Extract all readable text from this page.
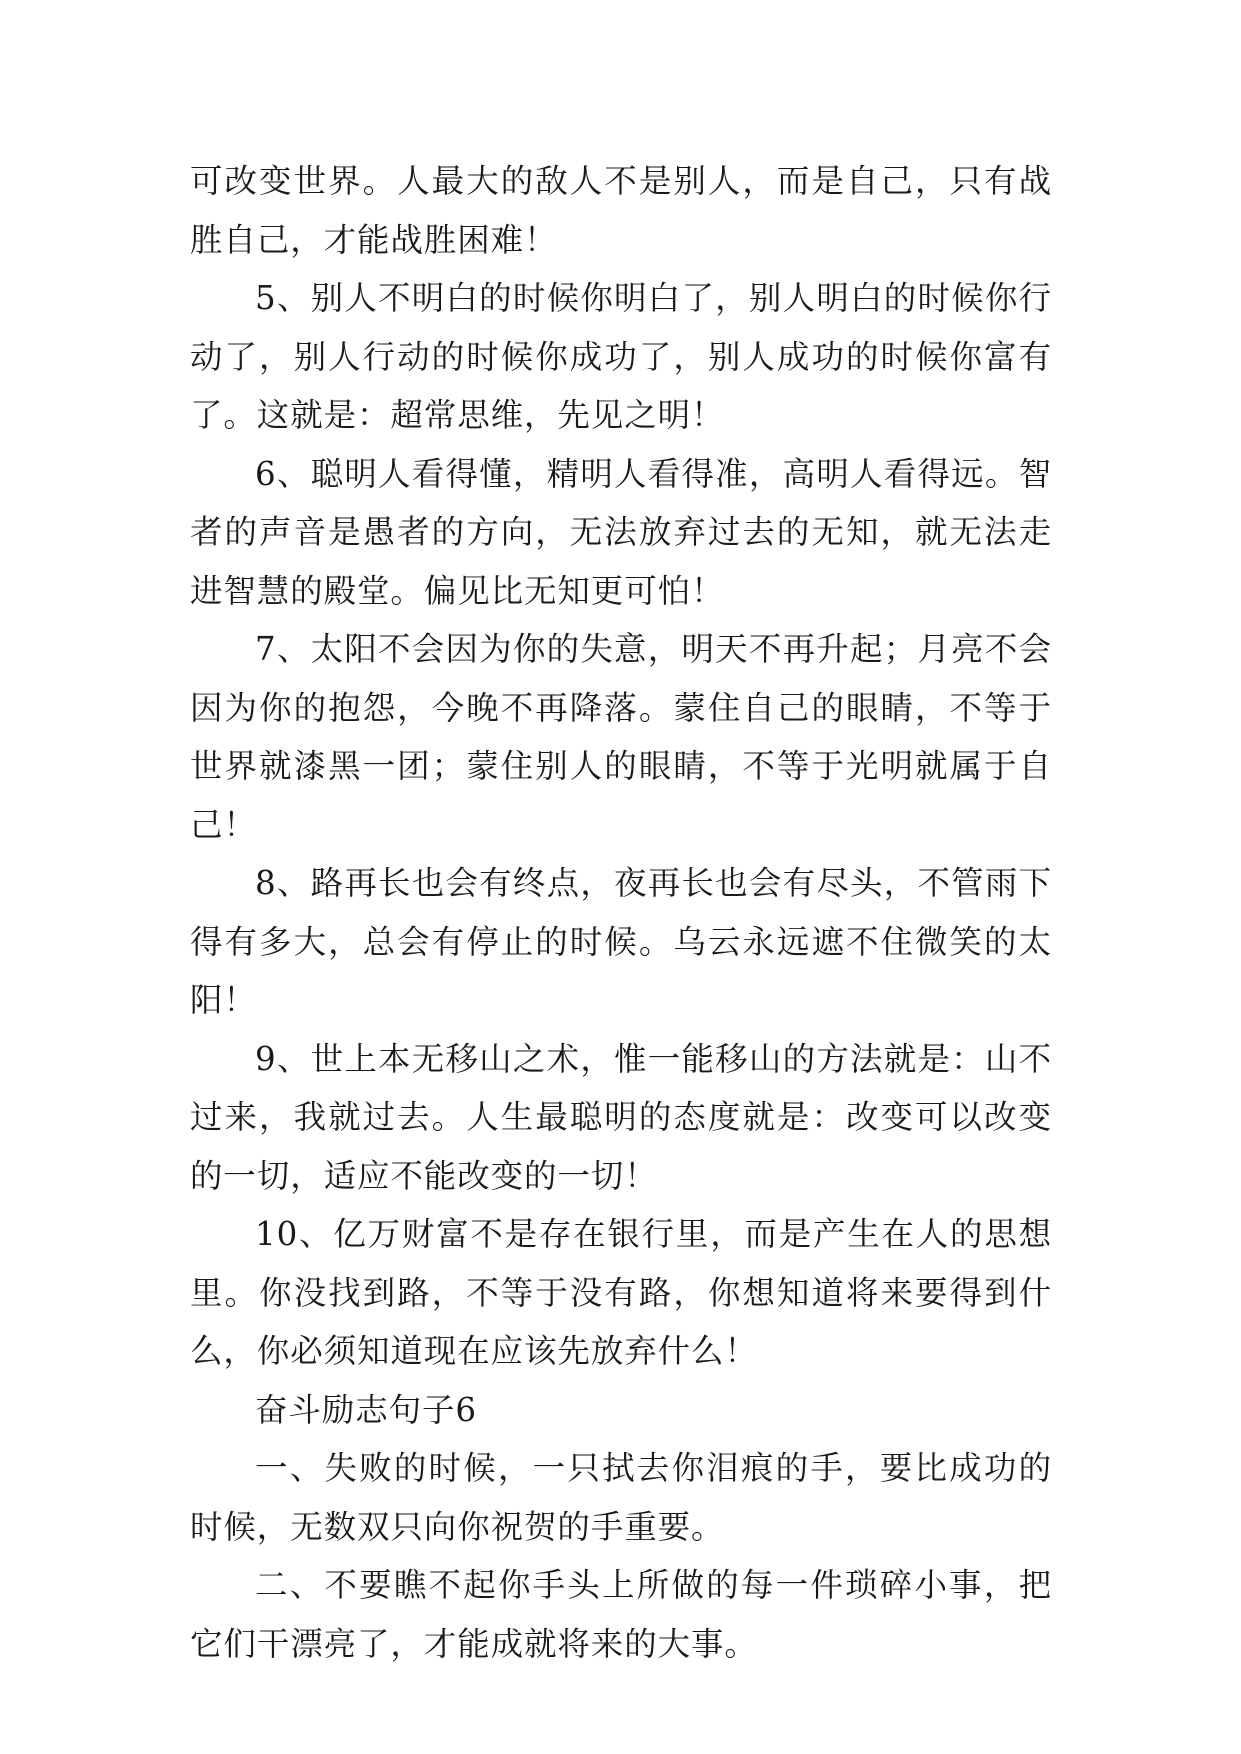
可改变世界。人最大的敌人不是别人，而是自己，只有战胜自己，才能战胜困难！

5、别人不明白的时候你明白了，别人明白的时候你行动了，别人行动的时候你成功了，别人成功的时候你富有了。这就是：超常思维，先见之明！

6、聪明人看得懂，精明人看得准，高明人看得远。智者的声音是愚者的方向，无法放弃过去的无知，就无法走进智慧的殿堂。偏见比无知更可怕！

7、太阳不会因为你的失意，明天不再升起；月亮不会因为你的抱怨，今晚不再降落。蒙住自己的眼睛，不等于世界就漆黑一团；蒙住别人的眼睛，不等于光明就属于自己！

8、路再长也会有终点，夜再长也会有尽头，不管雨下得有多大，总会有停止的时候。乌云永远遮不住微笑的太阳！

9、世上本无移山之术，惟一能移山的方法就是：山不过来，我就过去。人生最聪明的态度就是：改变可以改变的一切，适应不能改变的一切！

10、亿万财富不是存在银行里，而是产生在人的思想里。你没找到路，不等于没有路，你想知道将来要得到什么，你必须知道现在应该先放弃什么！

奋斗励志句子6

一、失败的时候，一只拭去你泪痕的手，要比成功的时候，无数双只向你祝贺的手重要。

二、不要瞧不起你手头上所做的每一件琐碎小事，把它们干漂亮了，才能成就将来的大事。
